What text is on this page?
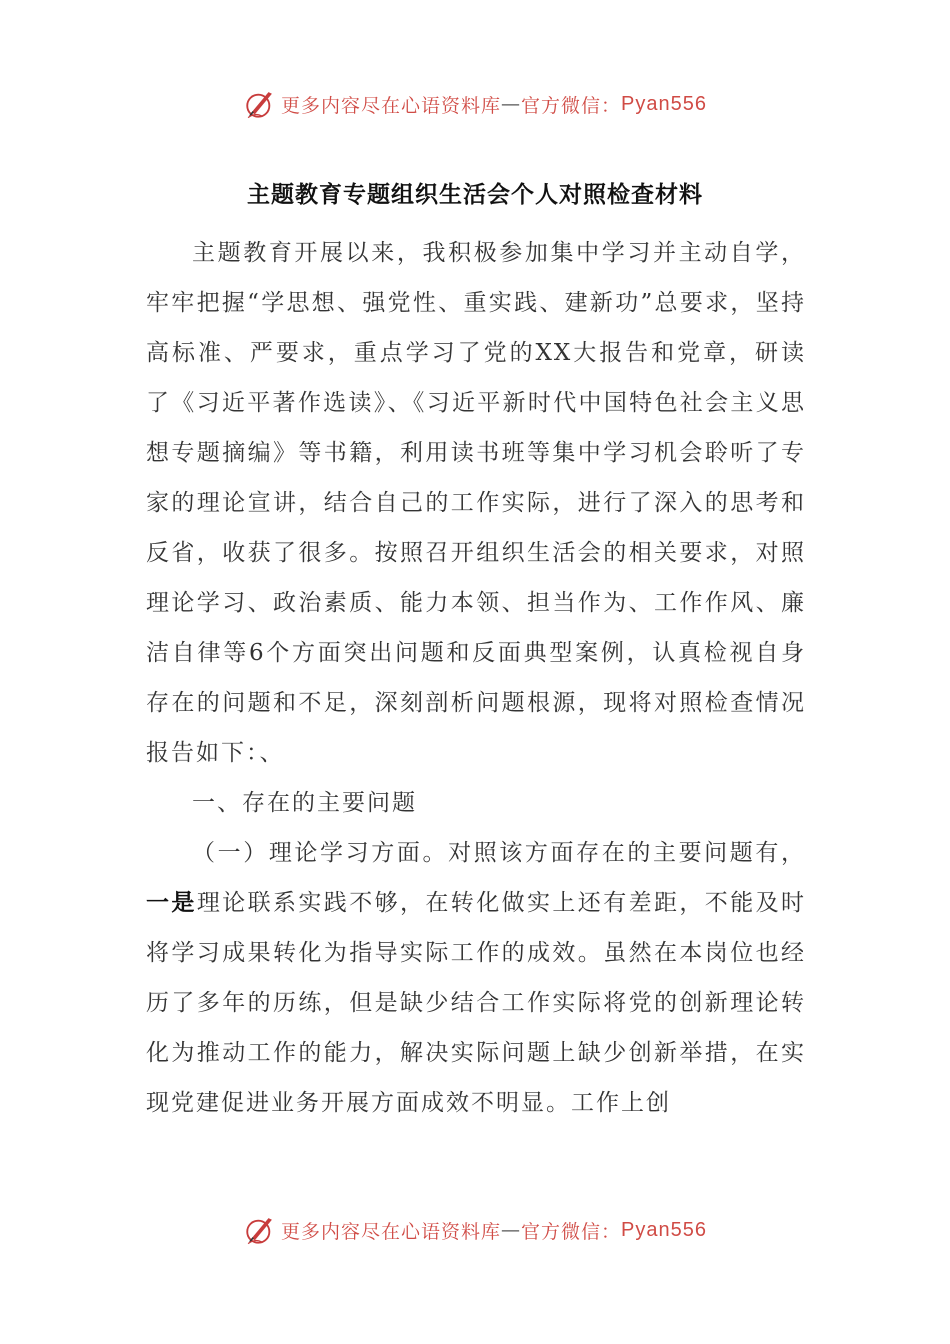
更多内容尽在心语资料库 — 官方微信： Pyan556
主题教育专题组织生活会个人对照检查材料

主题教育开展以来，我积极参加集中学习并主动自学，牢牢把握“学思想、强党性、重实践、建新功”总要求，坚持高标准、严要求，重点学习了党的XX大报告和党章，研读了《习近平著作选读》、《习近平新时代中国特色社会主义思想专题摘编》等书籍，利用读书班等集中学习机会聆听了专家的理论宣讲，结合自己的工作实际，进行了深入的思考和反省，收获了很多。按照召开组织生活会的相关要求，对照理论学习、政治素质、能力本领、担当作为、工作作风、廉洁自律等6个方面突出问题和反面典型案例，认真检视自身存在的问题和不足，深刻剖析问题根源，现将对照检查情况报告如下：、

一、存在的主要问题

（一）理论学习方面。对照该方面存在的主要问题有，一是理论联系实践不够，在转化做实上还有差距，不能及时将学习成果转化为指导实际工作的成效。虽然在本岗位也经历了多年的历练，但是缺少结合工作实际将党的创新理论转化为推动工作的能力，解决实际问题上缺少创新举措，在实现党建促进业务开展方面成效不明显。工作上创

更多内容尽在心语资料库 — 官方微信： Pyan556
